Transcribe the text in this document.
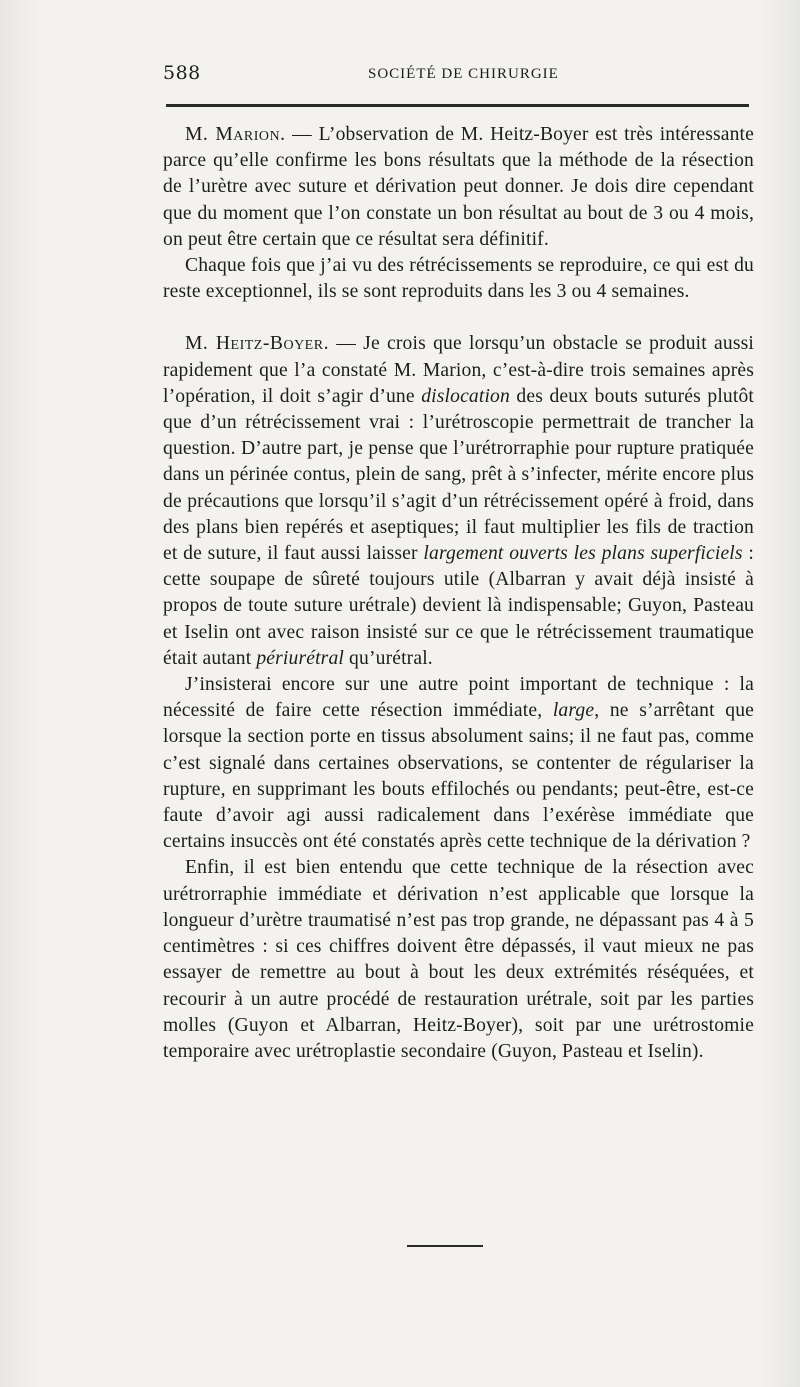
588	SOCIÉTÉ DE CHIRURGIE

M. Marion. — L’observation de M. Heitz-Boyer est très intéressante parce qu’elle confirme les bons résultats que la méthode de la résection de l’urètre avec suture et dérivation peut donner. Je dois dire cependant que du moment que l’on constate un bon résultat au bout de 3 ou 4 mois, on peut être certain que ce résultat sera définitif.

Chaque fois que j’ai vu des rétrécissements se reproduire, ce qui est du reste exceptionnel, ils se sont reproduits dans les 3 ou 4 semaines.

M. Heitz-Boyer. — Je crois que lorsqu’un obstacle se produit aussi rapidement que l’a constaté M. Marion, c’est-à-dire trois semaines après l’opération, il doit s’agir d’une dislocation des deux bouts suturés plutôt que d’un rétrécissement vrai : l’urétroscopie permettrait de trancher la question. D’autre part, je pense que l’urétrorraphie pour rupture pratiquée dans un périnée contus, plein de sang, prêt à s’infecter, mérite encore plus de précautions que lorsqu’il s’agit d’un rétrécissement opéré à froid, dans des plans bien repérés et aseptiques; il faut multiplier les fils de traction et de suture, il faut aussi laisser largement ouverts les plans superficiels : cette soupape de sûreté toujours utile (Albarran y avait déjà insisté à propos de toute suture urétrale) devient là indispensable; Guyon, Pasteau et Iselin ont avec raison insisté sur ce que le rétrécissement traumatique était autant périurétral qu’urétral.

J’insisterai encore sur une autre point important de technique : la nécessité de faire cette résection immédiate, large, ne s’arrêtant que lorsque la section porte en tissus absolument sains; il ne faut pas, comme c’est signalé dans certaines observations, se contenter de régulariser la rupture, en supprimant les bouts effilochés ou pendants; peut-être, est-ce faute d’avoir agi aussi radicalement dans l’exérèse immédiate que certains insuccès ont été constatés après cette technique de la dérivation ?

Enfin, il est bien entendu que cette technique de la résection avec urétrorraphie immédiate et dérivation n’est applicable que lorsque la longueur d’urètre traumatisé n’est pas trop grande, ne dépassant pas 4 à 5 centimètres : si ces chiffres doivent être dépassés, il vaut mieux ne pas essayer de remettre au bout à bout les deux extrémités réséquées, et recourir à un autre procédé de restauration urétrale, soit par les parties molles (Guyon et Albarran, Heitz-Boyer), soit par une urétrostomie temporaire avec urétroplastie secondaire (Guyon, Pasteau et Iselin).
